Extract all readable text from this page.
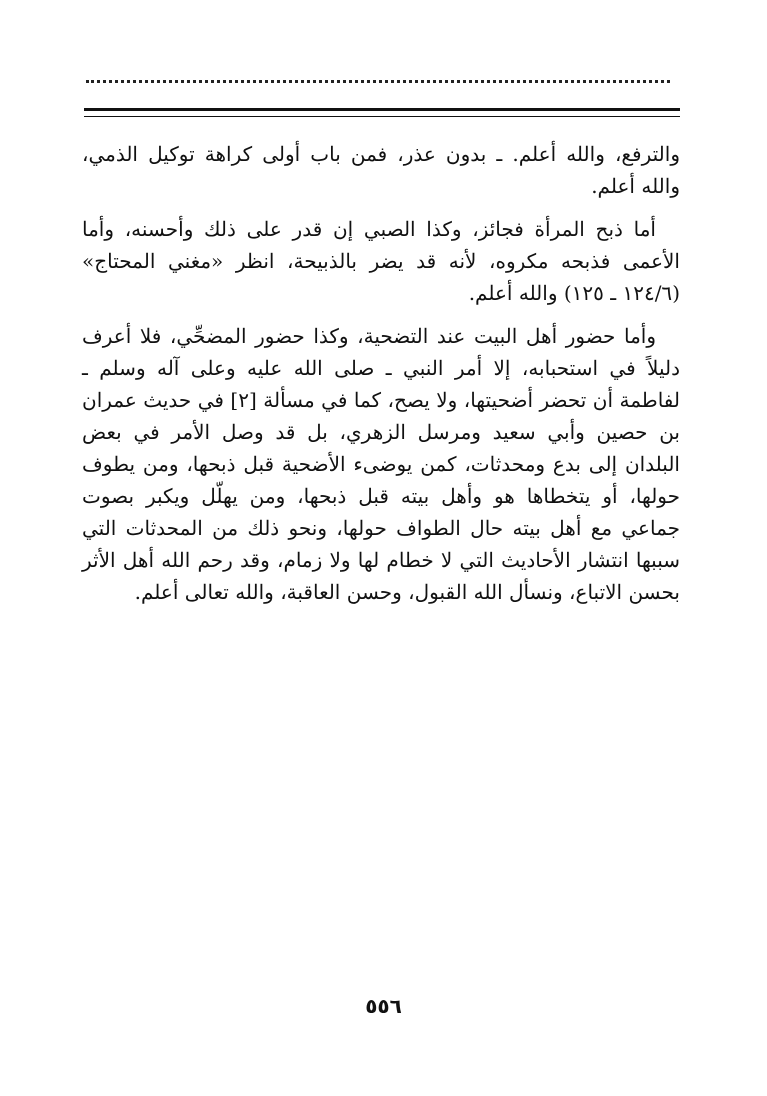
والترفع، والله أعلم. ـ بدون عذر، فمن باب أولى كراهة توكيل الذمي، والله أعلم.

أما ذبح المرأة فجائز، وكذا الصبي إن قدر على ذلك وأحسنه، وأما الأعمى فذبحه مكروه، لأنه قد يضر بالذبيحة، انظر «مغني المحتاج» (١٢٤/٦ ـ ١٢٥) والله أعلم.

وأما حضور أهل البيت عند التضحية، وكذا حضور المضحِّي، فلا أعرف دليلاً في استحبابه، إلا أمر النبي ـ صلى الله عليه وعلى آله وسلم ـ لفاطمة أن تحضر أضحيتها، ولا يصح، كما في مسألة [٢] في حديث عمران بن حصين وأبي سعيد ومرسل الزهري، بل قد وصل الأمر في بعض البلدان إلى بدع ومحدثات، كمن يوضىء الأضحية قبل ذبحها، ومن يطوف حولها، أو يتخطاها هو وأهل بيته قبل ذبحها، ومن يهلّل ويكبر بصوت جماعي مع أهل بيته حال الطواف حولها، ونحو ذلك من المحدثات التي سببها انتشار الأحاديث التي لا خطام لها ولا زمام، وقد رحم الله أهل الأثر بحسن الاتباع، ونسأل الله القبول، وحسن العاقبة، والله تعالى أعلم.

٥٥٦
